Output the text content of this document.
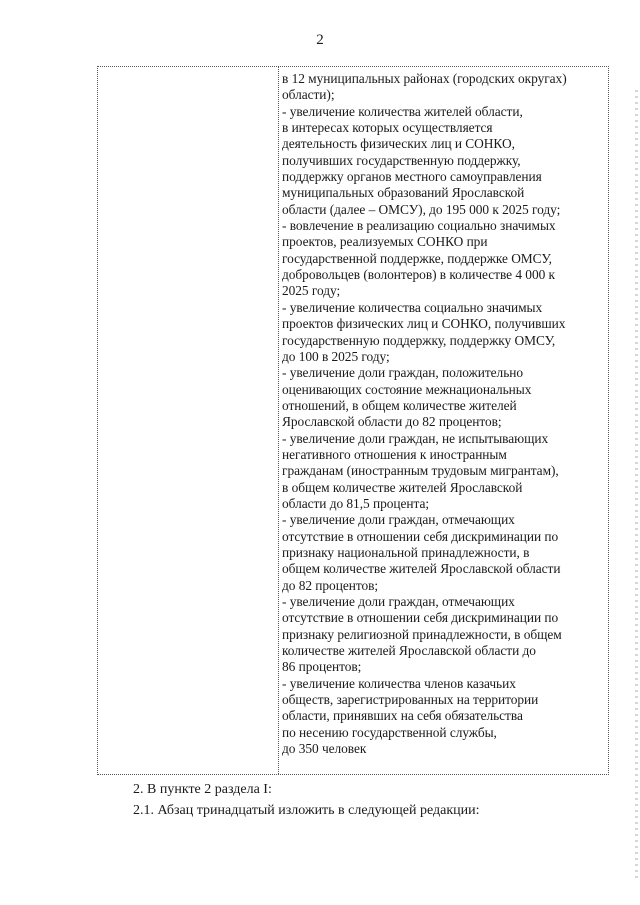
2
в 12 муниципальных районах (городских округах)
области);
- увеличение количества жителей области,
в интересах которых осуществляется
деятельность физических лиц и СОНКО,
получивших государственную поддержку,
поддержку органов местного самоуправления
муниципальных образований Ярославской
области (далее – ОМСУ), до 195 000 к 2025 году;
- вовлечение в реализацию социально значимых
проектов, реализуемых СОНКО при
государственной поддержке, поддержке ОМСУ,
добровольцев (волонтеров) в количестве 4 000 к
2025 году;
- увеличение количества социально значимых
проектов физических лиц и СОНКО, получивших
государственную поддержку, поддержку ОМСУ,
до 100 в 2025 году;
- увеличение доли граждан, положительно
оценивающих состояние межнациональных
отношений, в общем количестве жителей
Ярославской области до 82 процентов;
- увеличение доли граждан, не испытывающих
негативного отношения к иностранным
гражданам (иностранным трудовым мигрантам),
в общем количестве жителей Ярославской
области до 81,5 процента;
- увеличение доли граждан, отмечающих
отсутствие в отношении себя дискриминации по
признаку национальной принадлежности, в
общем количестве жителей Ярославской области
до 82 процентов;
- увеличение доли граждан, отмечающих
отсутствие в отношении себя дискриминации по
признаку религиозной принадлежности, в общем
количестве жителей Ярославской области до
86 процентов;
- увеличение количества членов казачьих
обществ, зарегистрированных на территории
области, принявших на себя обязательства
по несению государственной службы,
до 350 человек
2. В пункте 2 раздела I:
2.1. Абзац тринадцатый изложить в следующей редакции:
